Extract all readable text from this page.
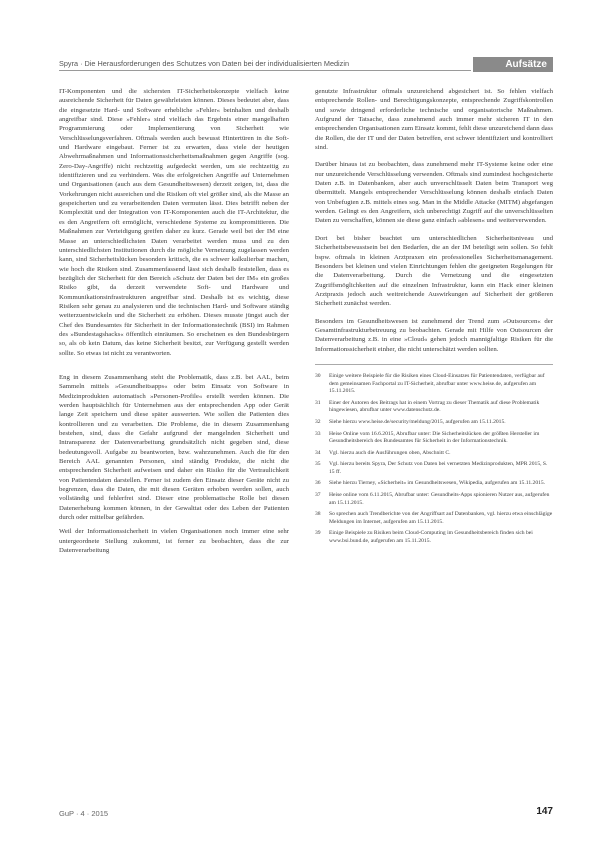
Spyra · Die Herausforderungen des Schutzes von Daten bei der individualisierten Medizin	Aufsätze

IT-Komponenten und die sichersten IT-Sicherheitskonzepte vielfach keine ausreichende Sicherheit für Daten gewährleisten können. Dieses bedeutet aber, dass die eingesetzte Hard- und Software erhebliche »Fehler« beinhalten und deshalb angreifbar sind. Diese »Fehler« sind vielfach das Ergebnis einer mangelhaften Programmierung oder Implementierung von Sicherheit wie Verschlüsselungsverfahren. Oftmals werden auch bewusst Hintertüren in die Soft- und Hardware eingebaut. Ferner ist zu erwarten, dass viele der heutigen Abwehrmaßnahmen und Informationssicherheitsmaßnahmen gegen Angriffe (sog. Zero-Day-Angriffe) nicht rechtzeitig aufgedeckt werden, um sie rechtzeitig zu identifizieren und zu verhindern. Was die erfolgreichen Angriffe auf Unternehmen und Organisationen (auch aus dem Gesundheitswesen) derzeit zeigen, ist, dass die Vorkehrungen nicht ausreichen und die Risiken oft viel größer sind, als die Masse an gespeicherten und zu verarbeitenden Daten vermuten lässt. Dies betrifft neben der Komplexität und der Integration von IT-Komponenten auch die IT-Architektur, die es den Angreifern oft ermöglicht, verschiedene Systeme zu kompromittieren. Die Maßnahmen zur Verteidigung greifen daher zu kurz. Gerade weil bei der IM eine Masse an unterschiedlichsten Daten verarbeitet werden muss und zu den unterschiedlichsten Institutionen durch die mögliche Vernetzung zugelassen werden kann, sind Sicherheitslücken besonders kritisch, die es schwer kalkulierbar machen, wie hoch die Risiken sind. Zusammenfassend lässt sich deshalb feststellen, dass es bezüglich der Sicherheit für den Bereich »Schutz der Daten bei der IM« ein großes Risiko gibt, da derzeit verwendete Soft- und Hardware und Kommunikationsinfrastrukturen angreifbar sind. Deshalb ist es wichtig, diese Risiken sehr genau zu analysieren und die technischen Hard- und Software ständig weiterzuentwickeln und die Sicherheit zu erhöhen. Dieses musste jüngst auch der Chef des Bundesamtes für Sicherheit in der Informationstechnik (BSI) im Rahmen des »Bundestagshacks« öffentlich einräumen. So erscheinen es den Bundesbürgern so, als ob kein Datum, das keine Sicherheit besitzt, zur Verfügung gestellt werden sollte. So etwas ist nicht zu verantworten.

Eng in diesem Zusammenhang steht die Problematik, dass z.B. bei AAL, beim Sammeln mittels »Gesundheitsapps« oder beim Einsatz von Software in Medizinprodukten automatisch »Personen-Profile« erstellt werden können. Die werden hauptsächlich für Unternehmen aus der entsprechenden App oder Gerät lange Zeit speichern und diese später auswerten. Wie sollen die Patienten dies kontrollieren und zu verarbeiten. Die Probleme, die in diesem Zusammenhang bestehen, sind, dass die Gefahr aufgrund der mangelnden Sicherheit und Intransparenz der Datenverarbeitung grundsätzlich nicht gegeben sind, diese bedeutungsvoll. Aufgabe zu beantworten, bzw. wahrzunehmen. Auch die für den Bereich AAL genannten Personen, sind ständig Produkte, die nicht die entsprechenden Sicherheit aufweisen und daher ein Risiko für die Vertraulichkeit von Patientendaten darstellen. Ferner ist zudem den Einsatz dieser Geräte nicht zu begrenzen, dass die Daten, die mit diesen Geräten erhoben werden sollen, auch vollständig und fehlerfrei sind. Dieser eine problematische Rolle bei diesen Datenerhebung kommen können, in der Gewalttat oder des Leben der Patienten durch oder mittelbar gefährden.

Weil der Informationssicherheit in vielen Organisationen noch immer eine sehr untergeordnete Stellung zukommt, ist ferner zu beobachten, dass die zur Datenverarbeitung

genutzte Infrastruktur oftmals unzureichend abgesichert ist. So fehlen vielfach entsprechende Rollen- und Berechtigungskonzepte, entsprechende Zugriffskontrollen und sowie dringend erforderliche technische und organisatorische Maßnahmen. Aufgrund der Tatsache, dass zunehmend auch immer mehr sicheren IT in den entsprechenden Organisationen zum Einsatz kommt, fehlt diese unzureichend dann dass die Rollen, die der IT und der Daten betreffen, erst schwer identifiziert und kontrolliert sind.

Darüber hinaus ist zu beobachten, dass zunehmend mehr IT-Systeme keine oder eine nur unzureichende Verschlüsselung verwenden. Oftmals sind zumindest hochgesicherte Daten z.B. in Datenbanken, aber auch unverschlüsselt Daten beim Transport weg übermittelt. Mangels entsprechender Verschlüsselung können deshalb einfach Daten von Unbefugten z.B. mittels eines sog. Man in the Middle Attacke (MITM) abgefangen werden. Gelingt es den Angreifern, sich unberechtigt Zugriff auf die unverschlüsselten Daten zu verschaffen, können sie diese ganz einfach »ablesen« und weiterverwenden.

Dort bei bisher beachtet um unterschiedlichen Sicherheitsniveau und Sicherheitsbewusstsein bei den Bedarfen, die an der IM beteiligt sein sollen. So fehlt bspw. oftmals in kleinen Arztpraxen ein professionelles Sicherheitsmanagement. Besonders bei kleinen und vielen Einrichtungen fehlen die geeigneten Regelungen für die Datenverarbeitung. Durch die Vernetzung und die eingesetzten Zugriffsmöglichkeiten auf die einzelnen Infrastruktur, kann ein Hack einer kleinen Arztpraxis jedoch auch weitreichende Auswirkungen auf Sicherheit der größeren Sicherheit zunächst werden.

Besonders im Gesundheitswesen ist zunehmend der Trend zum »Outsourcen« der Gesamtinfrastrukturbetreuung zu beobachten. Gerade mit Hilfe von Outsourcen der Datenverarbeitung z.B. in eine »Cloud« gehen jedoch mannigfaltige Risiken für die Informationssicherheit einher, die nicht unterschätzt werden sollten.

30	Einige weitere Beispiele für die Risiken eines Cloud-Einsatzes für Patientendaten, verfügbar auf dem gemeinsamen Fachportal zu IT-Sicherheit, abrufbar unter www.heise.de, aufgerufen am 15.11.2015.
31	Einer der Autoren des Beitrags hat in einem Vortrag zu dieser Thematik auf diese Problematik hingewiesen, abrufbar unter www.datenschutz.de.
32	Siehe hierzu www.heise.de/security/meldung/2015, aufgerufen am 15.11.2015.
33	Heise Online vom 16.6.2015, Abrufbar unter: Die Sicherheitslücken der größten Hersteller im Gesundheitsbereich des Bundesamtes für Sicherheit in der Informationstechnik.
34	Vgl. hierzu auch die Ausführungen oben, Abschnitt C.
35	Vgl. hierzu bereits Spyra, Der Schutz von Daten bei vernetzten Medizinprodukten, MPR 2015, S. 15 ff.
36	Siehe hierzu Tierney, »Sicherheit« im Gesundheitswesen, Wikipedia, aufgerufen am 15.11.2015.
37	Heise online vom 6.11.2015, Abrufbar unter: Gesundheits-Apps spionieren Nutzer aus, aufgerufen am 15.11.2015.
38	So sprechen auch Trendberichte von der Angriffsart auf Datenbanken, vgl. hierzu etwa einschlägige Meldungen im Internet, aufgerufen am 15.11.2015.
39	Einige Beispiele zu Risiken beim Cloud-Computing im Gesundheitsbereich finden sich bei www.bsi.bund.de, aufgerufen am 15.11.2015.
GuP · 4 · 2015	147
